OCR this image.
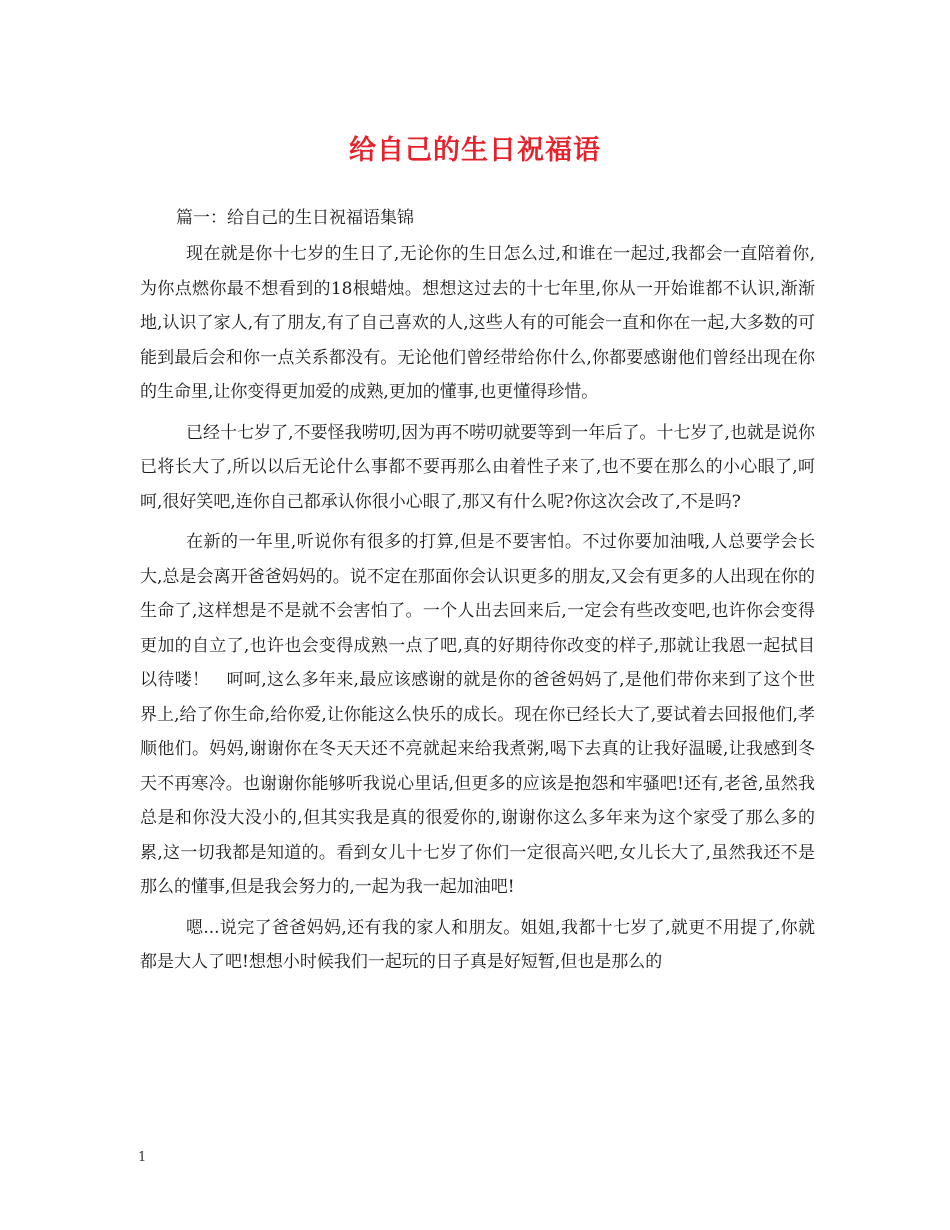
给自己的生日祝福语
篇一：给自己的生日祝福语集锦

现在就是你十七岁的生日了,无论你的生日怎么过,和谁在一起过,我都会一直陪着你,为你点燃你最不想看到的18根蜡烛。想想这过去的十七年里,你从一开始谁都不认识,渐渐地,认识了家人,有了朋友,有了自己喜欢的人,这些人有的可能会一直和你在一起,大多数的可能到最后会和你一点关系都没有。无论他们曾经带给你什么,你都要感谢他们曾经出现在你的生命里,让你变得更加爱的成熟,更加的懂事,也更懂得珍惜。

已经十七岁了,不要怪我唠叨,因为再不唠叨就要等到一年后了。十七岁了,也就是说你已将长大了,所以以后无论什么事都不要再那么由着性子来了,也不要在那么的小心眼了,呵呵,很好笑吧,连你自己都承认你很小心眼了,那又有什么呢?你这次会改了,不是吗?

在新的一年里,听说你有很多的打算,但是不要害怕。不过你要加油哦,人总要学会长大,总是会离开爸爸妈妈的。说不定在那面你会认识更多的朋友,又会有更多的人出现在你的生命了,这样想是不是就不会害怕了。一个人出去回来后,一定会有些改变吧,也许你会变得更加的自立了,也许也会变得成熟一点了吧,真的好期待你改变的样子,那就让我恩一起拭目以待喽！　呵呵,这么多年来,最应该感谢的就是你的爸爸妈妈了,是他们带你来到了这个世界上,给了你生命,给你爱,让你能这么快乐的成长。现在你已经长大了,要试着去回报他们,孝顺他们。妈妈,谢谢你在冬天天还不亮就起来给我煮粥,喝下去真的让我好温暖,让我感到冬天不再寒冷。也谢谢你能够听我说心里话,但更多的应该是抱怨和牢骚吧!还有,老爸,虽然我总是和你没大没小的,但其实我是真的很爱你的,谢谢你这么多年来为这个家受了那么多的累,这一切我都是知道的。看到女儿十七岁了你们一定很高兴吧,女儿长大了,虽然我还不是那么的懂事,但是我会努力的,一起为我一起加油吧!

嗯...说完了爸爸妈妈,还有我的家人和朋友。姐姐,我都十七岁了,就更不用提了,你就都是大人了吧!想想小时候我们一起玩的日子真是好短暂,但也是那么的

1
